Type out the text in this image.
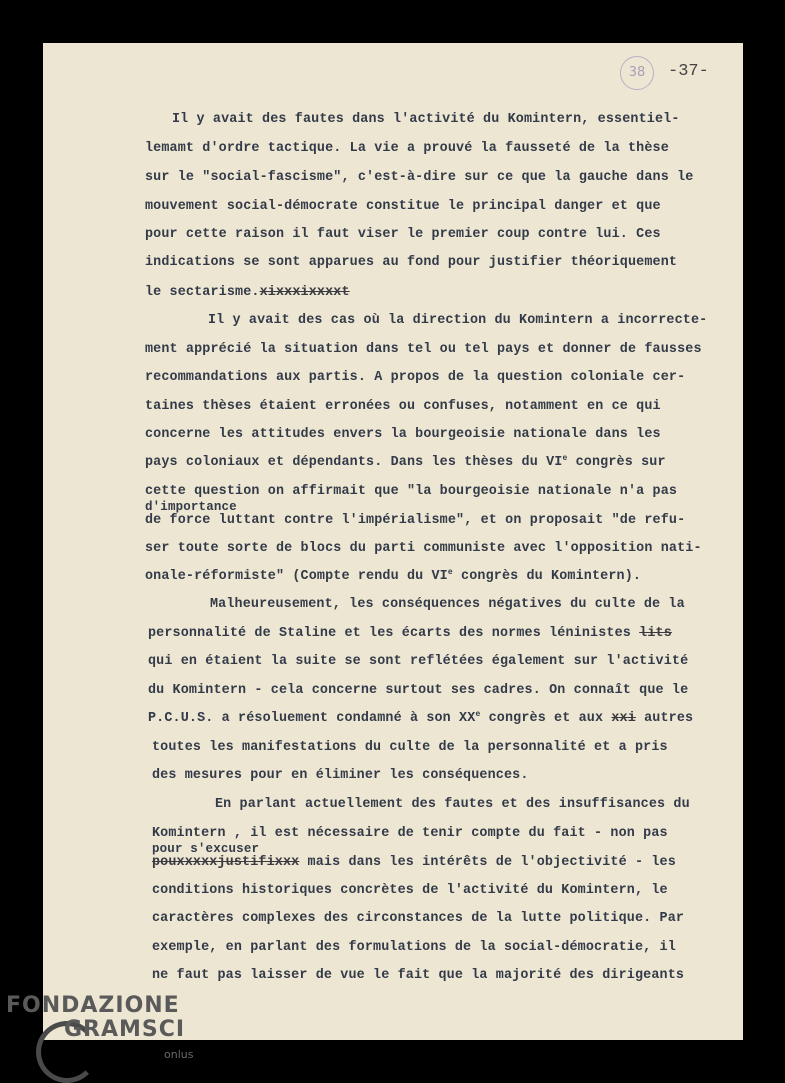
38	-37-
Il y avait des fautes dans l'activité du Komintern, essentiel-
lemamt d'ordre tactique. La vie a prouvé la fausseté de la thèse
sur le "social-fascisme", c'est-à-dire sur ce que la gauche dans le
mouvement social-démocrate constitue le principal danger et que
pour cette raison il faut viser le premier coup contre lui. Ces
indications se sont apparues au fond pour justifier théoriquement
le sectarisme.xixxxixxxxt
Il y avait des cas où la direction du Komintern a incorrecte-
ment apprécié la situation dans tel ou tel pays et donner de fausses
recommandations aux partis. A propos de la question coloniale cer-
taines thèses étaient erronées ou confuses, notamment en ce qui
concerne les attitudes envers la bourgeoisie nationale dans les
pays coloniaux et dépendants. Dans les thèses du VIe congrès sur
cette question on affirmait que "la bourgeoisie nationale n'a pas
d'importance
de force luttant contre l'impérialisme", et on proposait "de refu-
ser toute sorte de blocs du parti communiste avec l'opposition nati-
onale-réformiste" (Compte rendu du VIe congrès du Komintern).
Malheureusement, les conséquences négatives du culte de la
personnalité de Staline et les écarts des normes léninistes lits
qui en étaient la suite se sont reflétées également sur l'activité
du Komintern - cela concerne surtout ses cadres. On connaît que le
P.C.U.S. a résoluement condamné à son XXe congrès et aux xxi autres
toutes les manifestations du culte de la personnalité et a pris
des mesures pour en éliminer les conséquences.
En parlant actuellement des fautes et des insuffisances du
Komintern , il est nécessaire de tenir compte du fait - non pas
pour s'excuser
pouxxxxxjustifixxx mais dans les intérêts de l'objectivité - les
conditions historiques concrètes de l'activité du Komintern, le
caractères complexes des circonstances de la lutte politique. Par
exemple, en parlant des formulations de la social-démocratie, il
ne faut pas laisser de vue le fait que la majorité des dirigeants
FONDAZIONE
GRAMSCI
onlus
